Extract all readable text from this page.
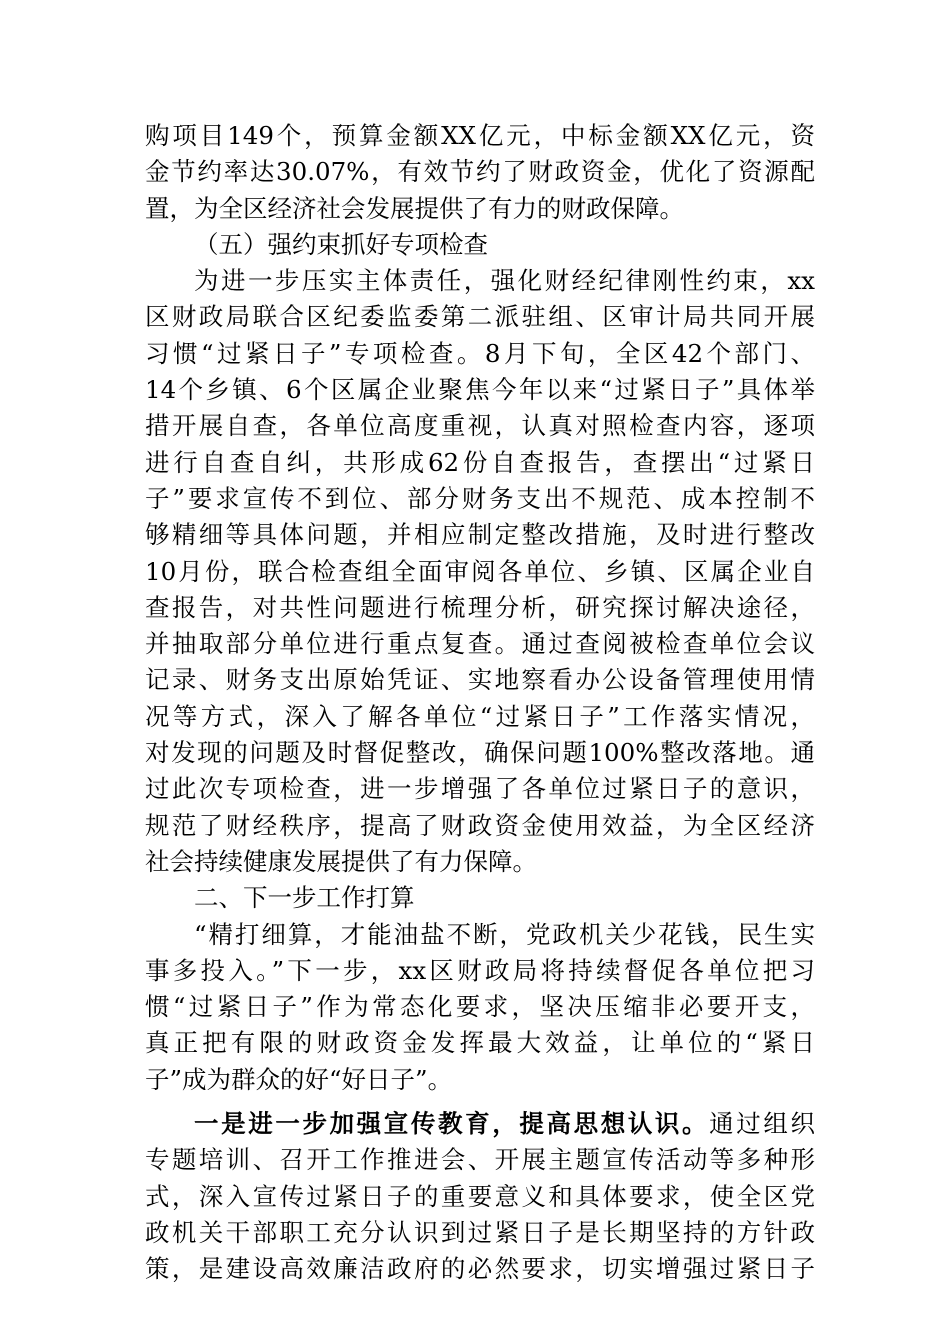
购项目149个，预算金额XX亿元，中标金额XX亿元，资
金节约率达30.07%，有效节约了财政资金，优化了资源配
置，为全区经济社会发展提供了有力的财政保障。
（五）强约束抓好专项检查
为进一步压实主体责任，强化财经纪律刚性约束，xx
区财政局联合区纪委监委第二派驻组、区审计局共同开展
习惯“过紧日子”专项检查。8月下旬，全区42个部门、
14个乡镇、6个区属企业聚焦今年以来“过紧日子”具体举
措开展自查，各单位高度重视，认真对照检查内容，逐项
进行自查自纠，共形成62份自查报告，查摆出“过紧日
子”要求宣传不到位、部分财务支出不规范、成本控制不
够精细等具体问题，并相应制定整改措施，及时进行整改
10月份，联合检查组全面审阅各单位、乡镇、区属企业自
查报告，对共性问题进行梳理分析，研究探讨解决途径，
并抽取部分单位进行重点复查。通过查阅被检查单位会议
记录、财务支出原始凭证、实地察看办公设备管理使用情
况等方式，深入了解各单位“过紧日子”工作落实情况，
对发现的问题及时督促整改，确保问题100%整改落地。通
过此次专项检查，进一步增强了各单位过紧日子的意识，
规范了财经秩序，提高了财政资金使用效益，为全区经济
社会持续健康发展提供了有力保障。
二、下一步工作打算
“精打细算，才能油盐不断，党政机关少花钱，民生实
事多投入。”下一步，xx区财政局将持续督促各单位把习
惯“过紧日子”作为常态化要求，坚决压缩非必要开支，
真正把有限的财政资金发挥最大效益，让单位的“紧日
子”成为群众的好“好日子”。
一是进一步加强宣传教育，提高思想认识。通过组织
专题培训、召开工作推进会、开展主题宣传活动等多种形
式，深入宣传过紧日子的重要意义和具体要求，使全区党
政机关干部职工充分认识到过紧日子是长期坚持的方针政
策，是建设高效廉洁政府的必然要求，切实增强过紧日子
